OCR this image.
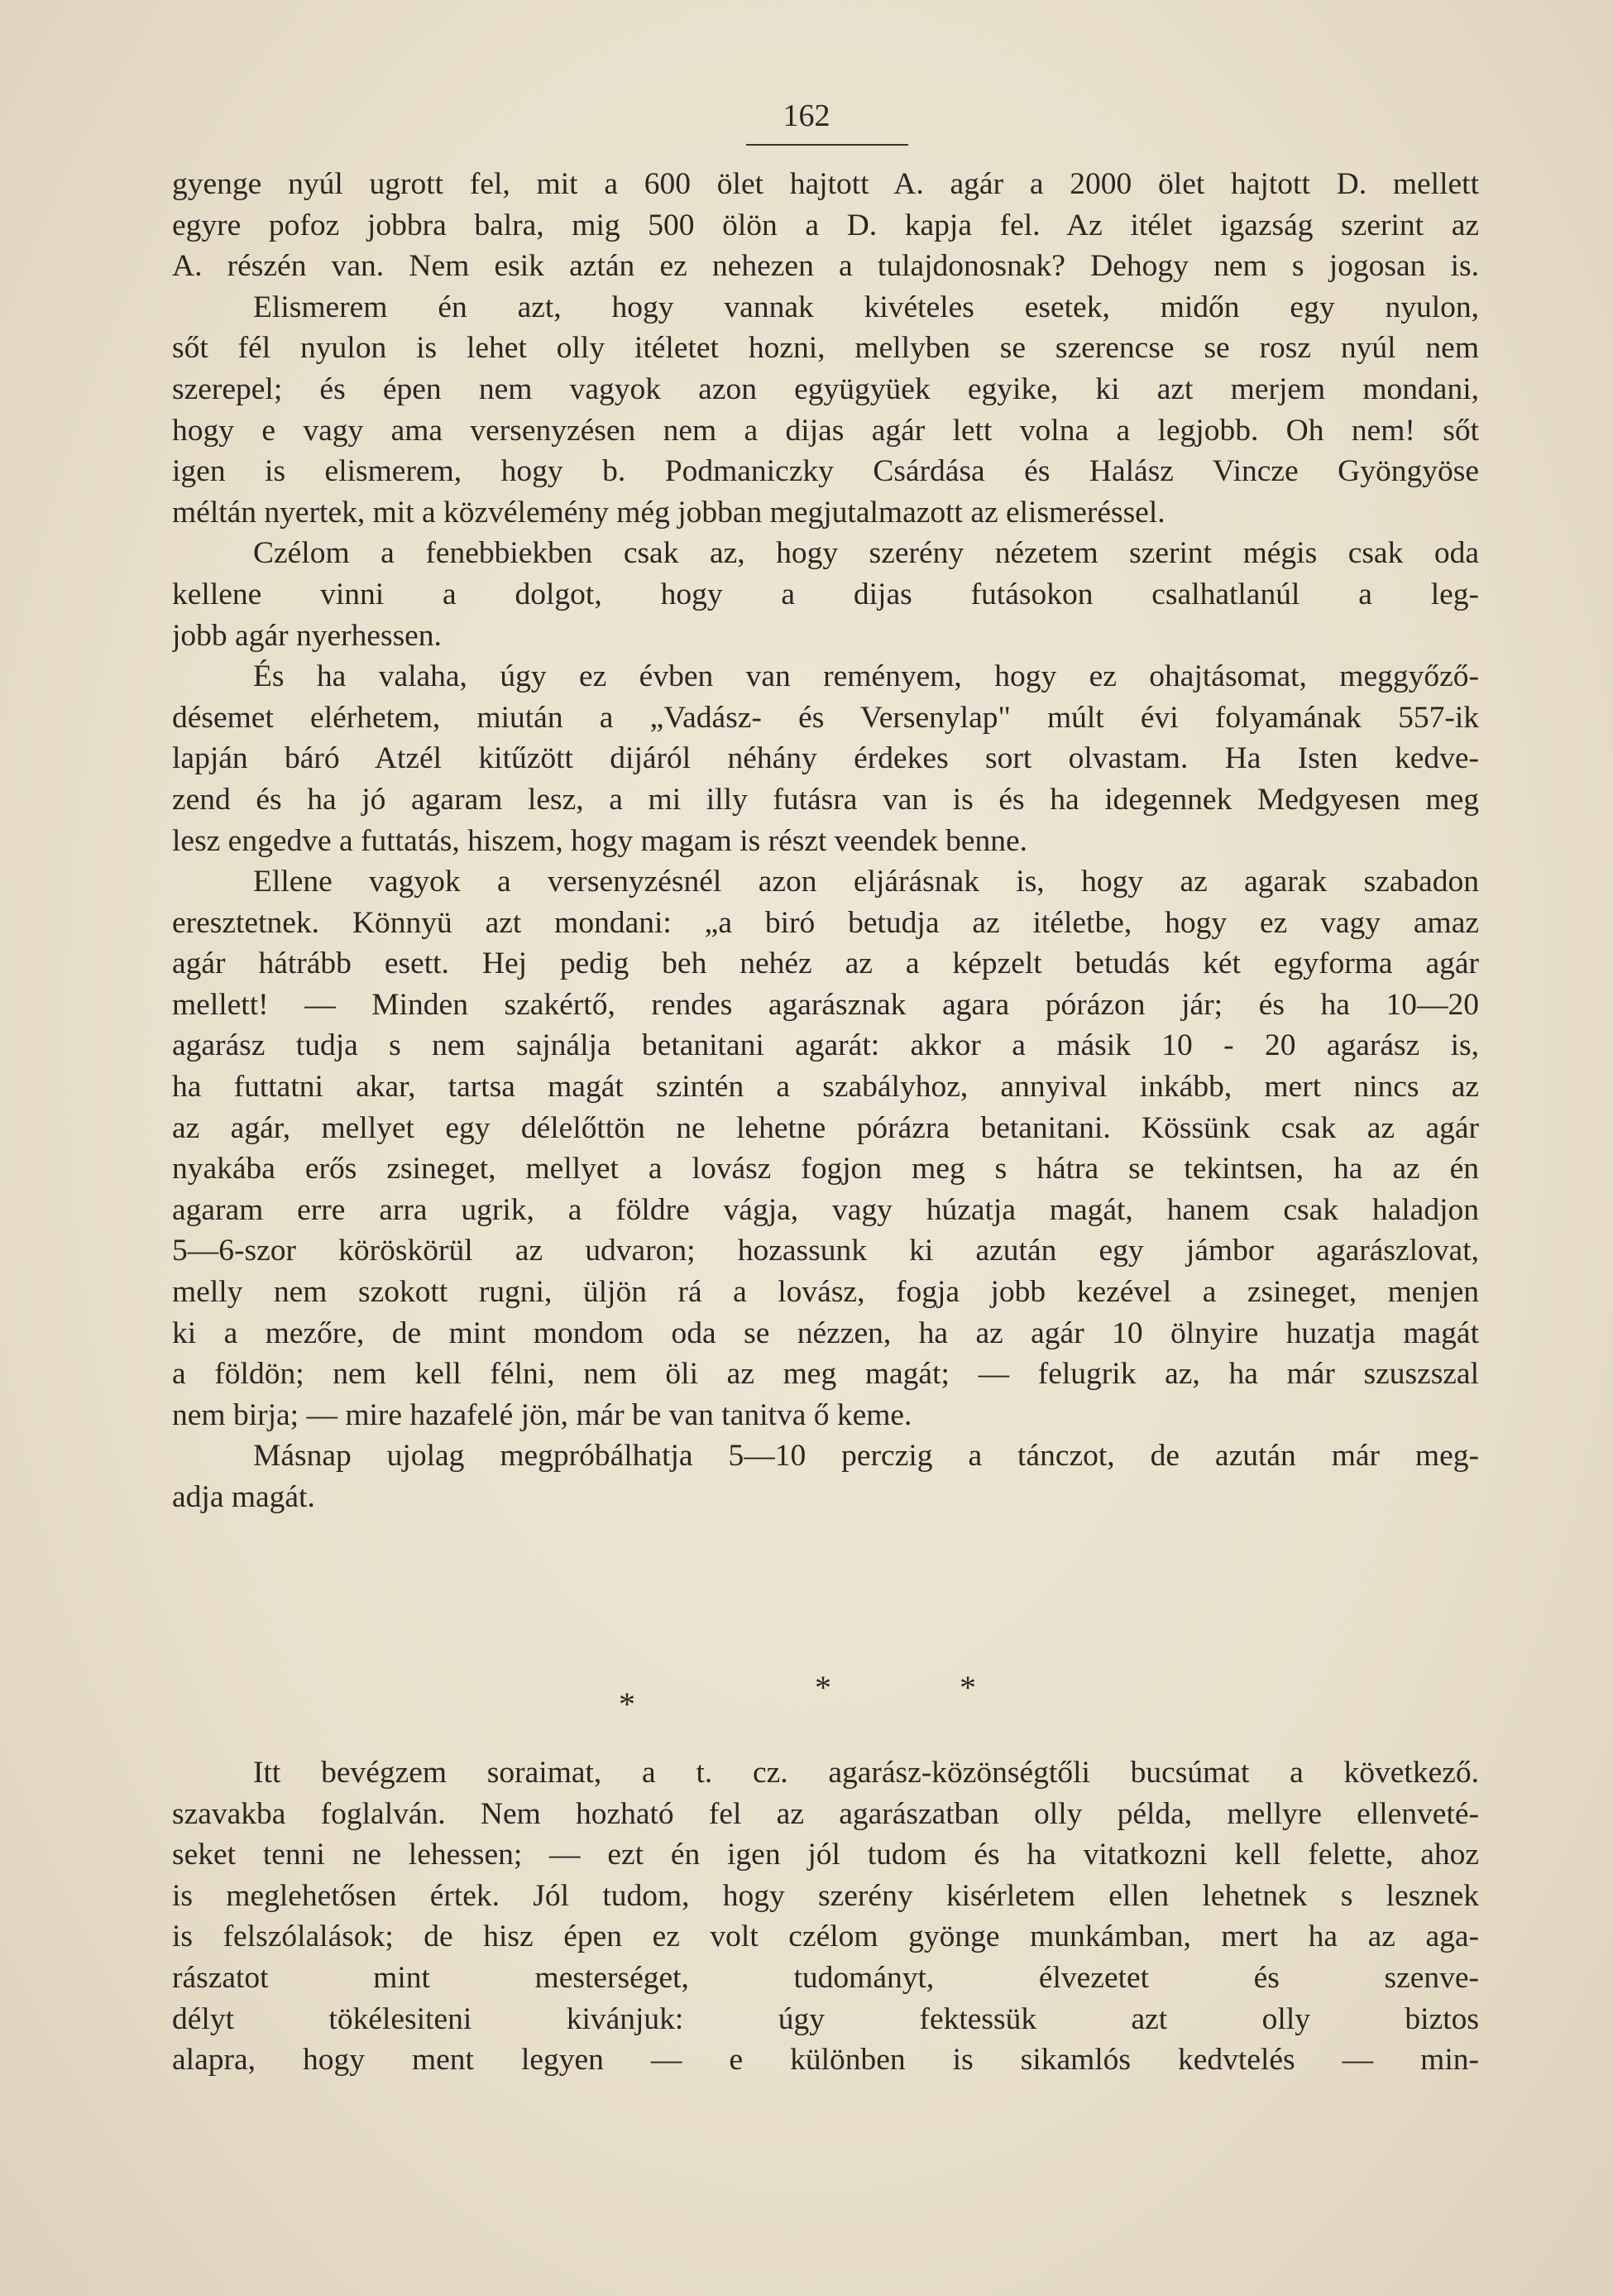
162
gyenge nyúl ugrott fel, mit a 600 ölet hajtott A. agár a 2000 ölet hajtott D. mellett
egyre pofoz jobbra balra, mig 500 ölön a D. kapja fel. Az itélet igazság szerint az
A. részén van. Nem esik aztán ez nehezen a tulajdonosnak? Dehogy nem s jogosan is.
Elismerem én azt, hogy vannak kivételes esetek, midőn egy nyulon,
sőt fél nyulon is lehet olly itéletet hozni, mellyben se szerencse se rosz nyúl nem
szerepel; és épen nem vagyok azon együgyüek egyike, ki azt merjem mondani,
hogy e vagy ama versenyzésen nem a dijas agár lett volna a legjobb. Oh nem! sőt
igen is elismerem, hogy b. Podmaniczky Csárdása és Halász Vincze Gyöngyöse
méltán nyertek, mit a közvélemény még jobban megjutalmazott az elismeréssel.
Czélom a fenebbiekben csak az, hogy szerény nézetem szerint mégis csak oda
kellene vinni a dolgot, hogy a dijas futásokon csalhatlanúl a leg-
jobb agár nyerhessen.
És ha valaha, úgy ez évben van reményem, hogy ez ohajtásomat, meggyőző-
désemet elérhetem, miután a „Vadász- és Versenylap" múlt évi folyamának 557-ik
lapján báró Atzél kitűzött dijáról néhány érdekes sort olvastam. Ha Isten kedve-
zend és ha jó agaram lesz, a mi illy futásra van is és ha idegennek Medgyesen meg
lesz engedve a futtatás, hiszem, hogy magam is részt veendek benne.
Ellene vagyok a versenyzésnél azon eljárásnak is, hogy az agarak szabadon
eresztetnek. Könnyü azt mondani: „a biró betudja az itéletbe, hogy ez vagy amaz
agár hátrább esett. Hej pedig beh nehéz az a képzelt betudás két egyforma agár
mellett! — Minden szakértő, rendes agarásznak agara pórázon jár; és ha 10—20
agarász tudja s nem sajnálja betanitani agarát: akkor a másik 10 - 20 agarász is,
ha futtatni akar, tartsa magát szintén a szabályhoz, annyival inkább, mert nincs az
az agár, mellyet egy délelőttön ne lehetne pórázra betanitani. Kössünk csak az agár
nyakába erős zsineget, mellyet a lovász fogjon meg s hátra se tekintsen, ha az én
agaram erre arra ugrik, a földre vágja, vagy húzatja magát, hanem csak haladjon
5—6-szor köröskörül az udvaron; hozassunk ki azután egy jámbor agarászlovat,
melly nem szokott rugni, üljön rá a lovász, fogja jobb kezével a zsineget, menjen
ki a mezőre, de mint mondom oda se nézzen, ha az agár 10 ölnyire huzatja magát
a földön; nem kell félni, nem öli az meg magát; — felugrik az, ha már szuszszal
nem birja; — mire hazafelé jön, már be van tanitva ő keme.
Másnap ujolag megpróbálhatja 5—10 perczig a tánczot, de azután már meg-
adja magát.
*	*
*
Itt bevégzem soraimat, a t. cz. agarász-közönségtőli bucsúmat a következő.
szavakba foglalván. Nem hozható fel az agarászatban olly példa, mellyre ellenveté-
seket tenni ne lehessen; — ezt én igen jól tudom és ha vitatkozni kell felette, ahoz
is meglehetősen értek. Jól tudom, hogy szerény kisérletem ellen lehetnek s lesznek
is felszólalások; de hisz épen ez volt czélom gyönge munkámban, mert ha az aga-
rászatot mint mesterséget, tudományt, élvezetet és szenve-
délyt tökélesiteni kivánjuk: úgy fektessük azt olly biztos
alapra, hogy ment legyen — e különben is sikamlós kedvtelés — min-
